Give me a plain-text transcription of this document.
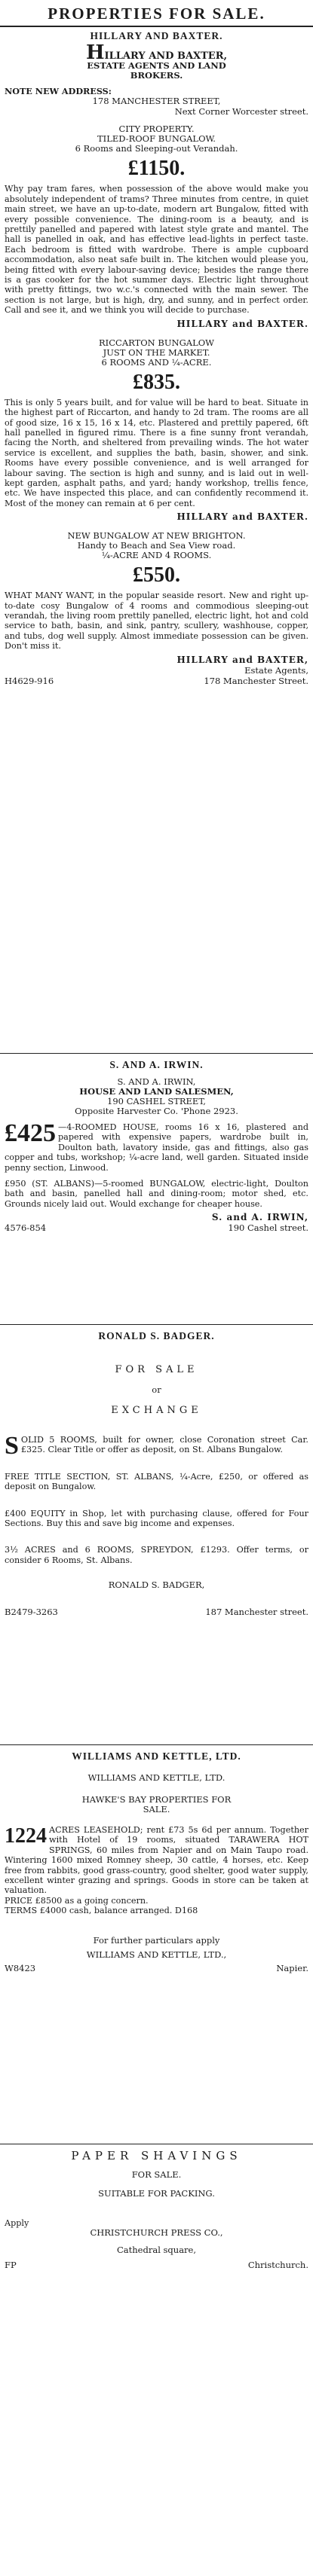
PROPERTIES FOR SALE.
HILLARY AND BAXTER.
HILLARY AND BAXTER,
ESTATE AGENTS AND LAND
BROKERS.
NOTE NEW ADDRESS:
178 MANCHESTER STREET,
Next Corner Worcester street.
CITY PROPERTY.
TILED-ROOF BUNGALOW.
6 Rooms and Sleeping-out Verandah.
£1150.
Why pay tram fares, when possession of the above would make you absolutely independent of trams? Three minutes from centre, in quiet main street, we have an up-to-date, modern art Bungalow, fitted with every possible convenience. The dining-room is a beauty, and is prettily panelled and papered with latest style grate and mantel. The hall is panelled in oak, and has effective lead-lights in perfect taste. Each bedroom is fitted with wardrobe. There is ample cupboard accommodation, also neat safe built in. The kitchen would please you, being fitted with every labour-saving device; besides the range there is a gas cooker for the hot summer days. Electric light throughout with pretty fittings, two w.c.'s connected with the main sewer. The section is not large, but is high, dry, and sunny, and in perfect order. Call and see it, and we think you will decide to purchase.
HILLARY and BAXTER.
RICCARTON BUNGALOW
JUST ON THE MARKET.
6 ROOMS AND ¼-ACRE.
£835.
This is only 5 years built, and for value will be hard to beat. Situate in the highest part of Riccarton, and handy to 2d tram. The rooms are all of good size, 16 x 15, 16 x 14, etc. Plastered and prettily papered, 6ft hall panelled in figured rimu. There is a fine sunny front verandah, facing the North, and sheltered from prevailing winds. The hot water service is excellent, and supplies the bath, basin, shower, and sink. Rooms have every possible convenience, and is well arranged for labour saving. The section is high and sunny, and is laid out in well-kept garden, asphalt paths, and yard; handy workshop, trellis fence, etc. We have inspected this place, and can confidently recommend it. Most of the money can remain at 6 per cent.
HILLARY and BAXTER.
NEW BUNGALOW AT NEW BRIGHTON.
Handy to Beach and Sea View road.
¼-ACRE AND 4 ROOMS.
£550.
WHAT MANY WANT, in the popular seaside resort. New and right up-to-date cosy Bungalow of 4 rooms and commodious sleeping-out verandah, the living room prettily panelled, electric light, hot and cold service to bath, basin, and sink, pantry, scullery, washhouse, copper, and tubs, dog well supply. Almost immediate possession can be given. Don't miss it.
HILLARY and BAXTER,
Estate Agents,
H4629-916	178 Manchester Street.
S. AND A. IRWIN.
S. AND A. IRWIN,
HOUSE AND LAND SALESMEN,
190 CASHEL STREET,
Opposite Harvester Co. 'Phone 2923.
£425 —4-ROOMED HOUSE, rooms 16 x 16, plastered and papered with expensive papers, wardrobe built in, Doulton bath, lavatory inside, gas and fittings, also gas copper and tubs, workshop; ¼-acre land, well garden. Situated inside penny section, Linwood.
£950 (ST. ALBANS)—5-roomed BUNGALOW, electric-light, Doulton bath and basin, panelled hall and dining-room; motor shed, etc. Grounds nicely laid out. Would exchange for cheaper house.
S. and A. IRWIN,
4576-854	190 Cashel street.
RONALD S. BADGER.
FOR SALE
or
EXCHANGE
SOLID 5 ROOMS, built for owner, close Coronation street Car. £325. Clear Title or offer as deposit, on St. Albans Bungalow.
FREE TITLE SECTION, ST. ALBANS, ¼-Acre, £250, or offered as deposit on Bungalow.
£400 EQUITY in Shop, let with purchasing clause, offered for Four Sections. Buy this and save big income and expenses.
3½ ACRES and 6 ROOMS, SPREYDON, £1293. Offer terms, or consider 6 Rooms, St. Albans.
RONALD S. BADGER,
B2479-3263	187 Manchester street.
WILLIAMS AND KETTLE, LTD.
WILLIAMS AND KETTLE, LTD.
HAWKE'S BAY PROPERTIES FOR
SALE.
1224 ACRES LEASEHOLD; rent £73 5s 6d per annum. Together with Hotel of 19 rooms, situated TARAWERA HOT SPRINGS, 60 miles from Napier and on Main Taupo road. Wintering 1600 mixed Romney sheep, 30 cattle, 4 horses, etc. Keep free from rabbits, good grass-country, good shelter, good water supply, excellent winter grazing and springs. Goods in store can be taken at valuation.
PRICE £8500 as a going concern.
TERMS £4000 cash, balance arranged. D168
For further particulars apply
WILLIAMS AND KETTLE, LTD.,
W8423	Napier.
PAPER SHAVINGS
FOR SALE.
SUITABLE FOR PACKING.
Apply
CHRISTCHURCH PRESS CO.,
Cathedral square,
FP	Christchurch.
